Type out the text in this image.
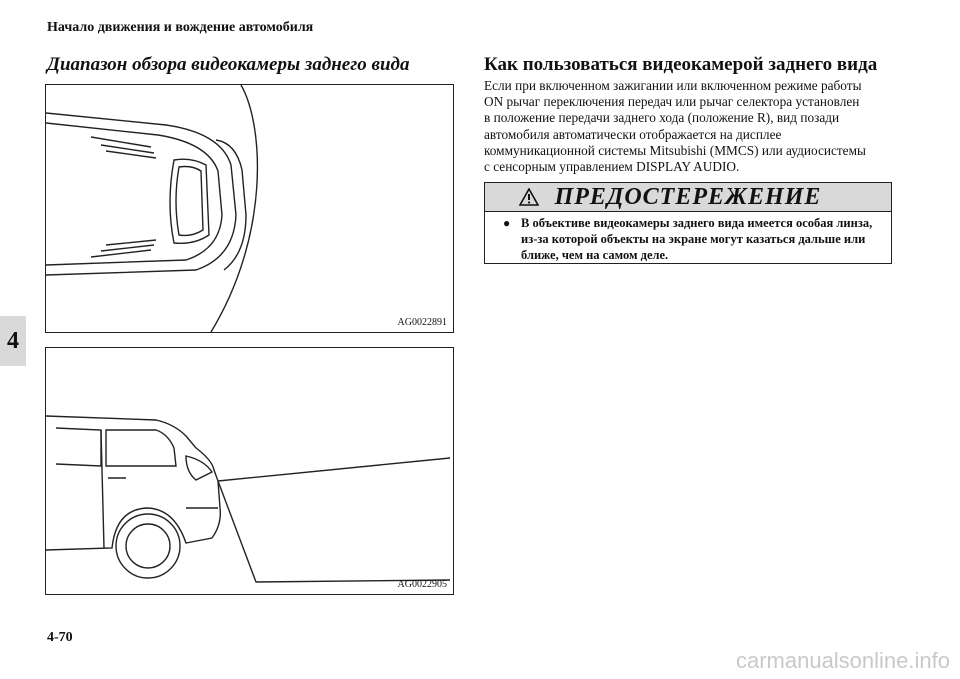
Начало движения и вождение автомобиля
4
Диапазон обзора видеокамеры заднего вида
AG0022891
AG0022905
Как пользоваться видеокамерой заднего вида
Если при включенном зажигании или включенном режиме работы
ON рычаг переключения передач или рычаг селектора установлен
в положение передачи заднего хода (положение R), вид позади
автомобиля автоматически отображается на дисплее
коммуникационной системы Mitsubishi (MMCS) или аудиосистемы
с сенсорным управлением DISPLAY AUDIO.
ПРЕДОСТЕРЕЖЕНИЕ
● В объективе видеокамеры заднего вида имеется особая линза,
из-за которой объекты на экране могут казаться дальше или
ближе, чем на самом деле.
4-70
carmanualsonline.info
